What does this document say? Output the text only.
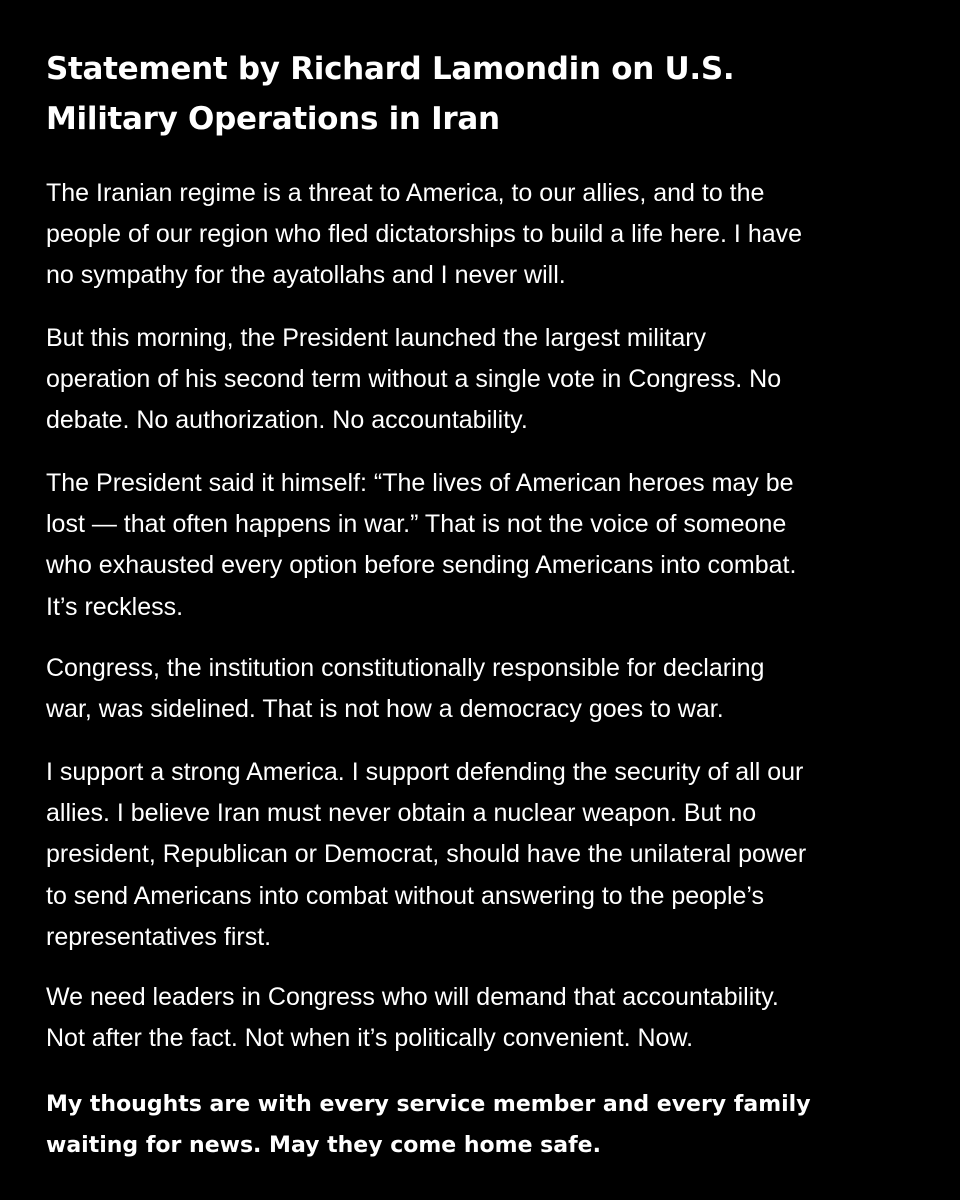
Statement by Richard Lamondin on U.S.
Military Operations in Iran

The Iranian regime is a threat to America, to our allies, and to the
people of our region who fled dictatorships to build a life here. I have
no sympathy for the ayatollahs and I never will.

But this morning, the President launched the largest military
operation of his second term without a single vote in Congress. No
debate. No authorization. No accountability.

The President said it himself: “The lives of American heroes may be
lost — that often happens in war.” That is not the voice of someone
who exhausted every option before sending Americans into combat.
It’s reckless.

Congress, the institution constitutionally responsible for declaring
war, was sidelined. That is not how a democracy goes to war.

I support a strong America. I support defending the security of all our
allies. I believe Iran must never obtain a nuclear weapon. But no
president, Republican or Democrat, should have the unilateral power
to send Americans into combat without answering to the people’s
representatives first.

We need leaders in Congress who will demand that accountability.
Not after the fact. Not when it’s politically convenient. Now.

My thoughts are with every service member and every family
waiting for news. May they come home safe.
